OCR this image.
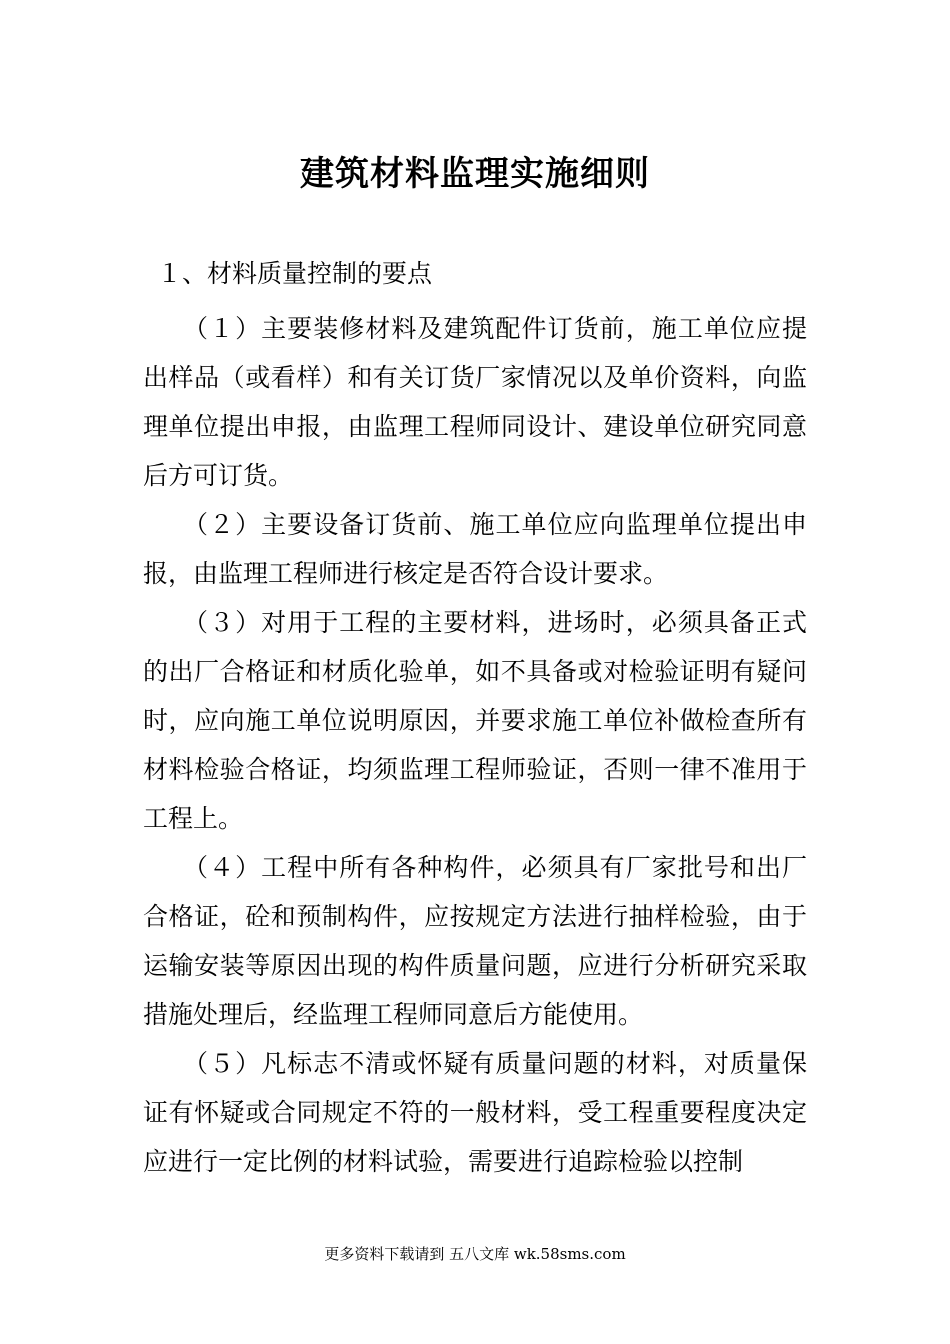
建筑材料监理实施细则

１、材料质量控制的要点

（１）主要装修材料及建筑配件订货前，施工单位应提出样品（或看样）和有关订货厂家情况以及单价资料，向监理单位提出申报，由监理工程师同设计、建设单位研究同意后方可订货。

（２）主要设备订货前、施工单位应向监理单位提出申报，由监理工程师进行核定是否符合设计要求。

（３）对用于工程的主要材料，进场时，必须具备正式的出厂合格证和材质化验单，如不具备或对检验证明有疑问时，应向施工单位说明原因，并要求施工单位补做检查所有材料检验合格证，均须监理工程师验证，否则一律不准用于工程上。

（４）工程中所有各种构件，必须具有厂家批号和出厂合格证，砼和预制构件，应按规定方法进行抽样检验，由于运输安装等原因出现的构件质量问题，应进行分析研究采取措施处理后，经监理工程师同意后方能使用。

（５）凡标志不清或怀疑有质量问题的材料，对质量保证有怀疑或合同规定不符的一般材料，受工程重要程度决定应进行一定比例的材料试验，需要进行追踪检验以控制

更多资料下载请到 五八文库 wk.58sms.com
